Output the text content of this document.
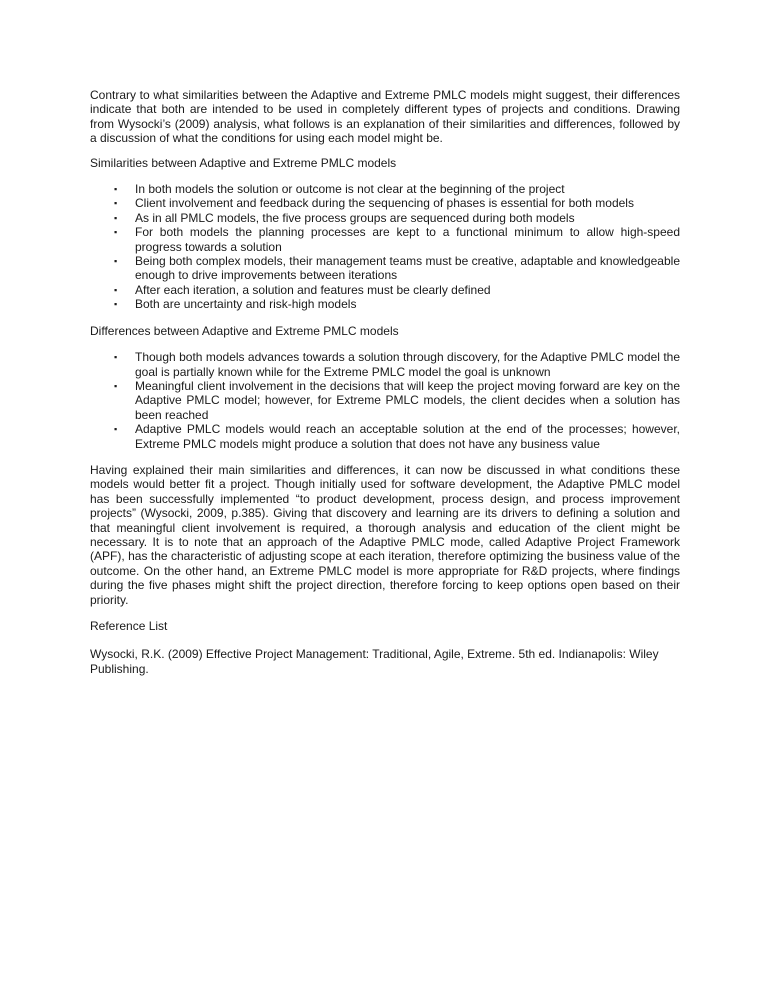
Contrary to what similarities between the Adaptive and Extreme PMLC models might suggest, their differences indicate that both are intended to be used in completely different types of projects and conditions. Drawing from Wysocki’s (2009) analysis, what follows is an explanation of their similarities and differences, followed by a discussion of what the conditions for using each model might be.

Similarities between Adaptive and Extreme PMLC models

▪ In both models the solution or outcome is not clear at the beginning of the project
▪ Client involvement and feedback during the sequencing of phases is essential for both models
▪ As in all PMLC models, the five process groups are sequenced during both models
▪ For both models the planning processes are kept to a functional minimum to allow high-speed progress towards a solution
▪ Being both complex models, their management teams must be creative, adaptable and knowledgeable enough to drive improvements between iterations
▪ After each iteration, a solution and features must be clearly defined
▪ Both are uncertainty and risk-high models

Differences between Adaptive and Extreme PMLC models

▪ Though both models advances towards a solution through discovery, for the Adaptive PMLC model the goal is partially known while for the Extreme PMLC model the goal is unknown
▪ Meaningful client involvement in the decisions that will keep the project moving forward are key on the Adaptive PMLC model; however, for Extreme PMLC models, the client decides when a solution has been reached
▪ Adaptive PMLC models would reach an acceptable solution at the end of the processes; however, Extreme PMLC models might produce a solution that does not have any business value

Having explained their main similarities and differences, it can now be discussed in what conditions these models would better fit a project. Though initially used for software development, the Adaptive PMLC model has been successfully implemented “to product development, process design, and process improvement projects” (Wysocki, 2009, p.385). Giving that discovery and learning are its drivers to defining a solution and that meaningful client involvement is required, a thorough analysis and education of the client might be necessary. It is to note that an approach of the Adaptive PMLC mode, called Adaptive Project Framework (APF), has the characteristic of adjusting scope at each iteration, therefore optimizing the business value of the outcome. On the other hand, an Extreme PMLC model is more appropriate for R&D projects, where findings during the five phases might shift the project direction, therefore forcing to keep options open based on their priority.

Reference List

Wysocki, R.K. (2009) Effective Project Management: Traditional, Agile, Extreme. 5th ed. Indianapolis: Wiley Publishing.
